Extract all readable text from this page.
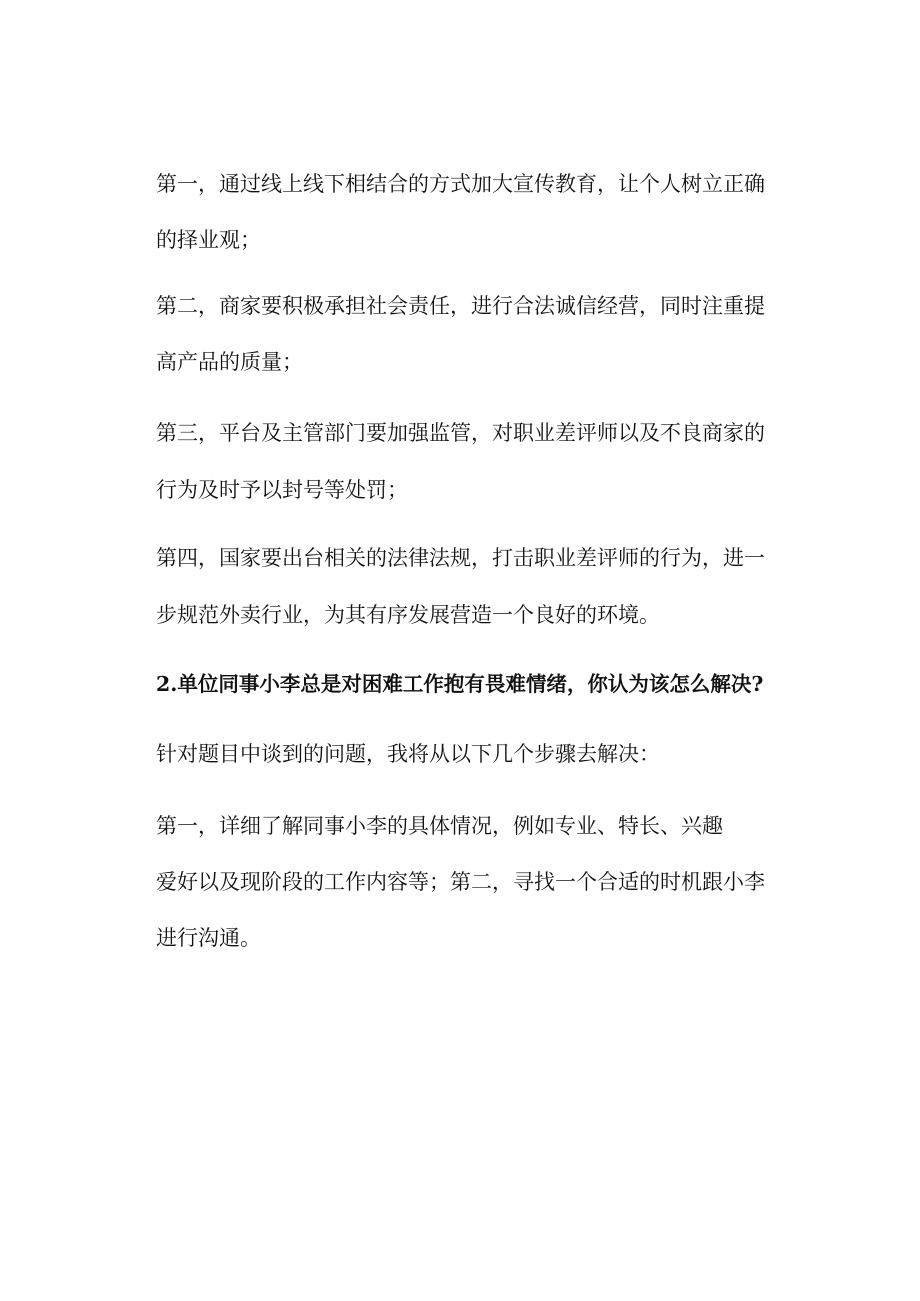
第一，通过线上线下相结合的方式加大宣传教育，让个人树立正确
的择业观；
第二，商家要积极承担社会责任，进行合法诚信经营，同时注重提
高产品的质量；
第三，平台及主管部门要加强监管，对职业差评师以及不良商家的
行为及时予以封号等处罚；
第四，国家要出台相关的法律法规，打击职业差评师的行为，进一
步规范外卖行业，为其有序发展营造一个良好的环境。
2.单位同事小李总是对困难工作抱有畏难情绪，你认为该怎么解决?
针对题目中谈到的问题，我将从以下几个步骤去解决：
第一，详细了解同事小李的具体情况，例如专业、特长、兴趣
爱好以及现阶段的工作内容等；第二，寻找一个合适的时机跟小李
进行沟通。
